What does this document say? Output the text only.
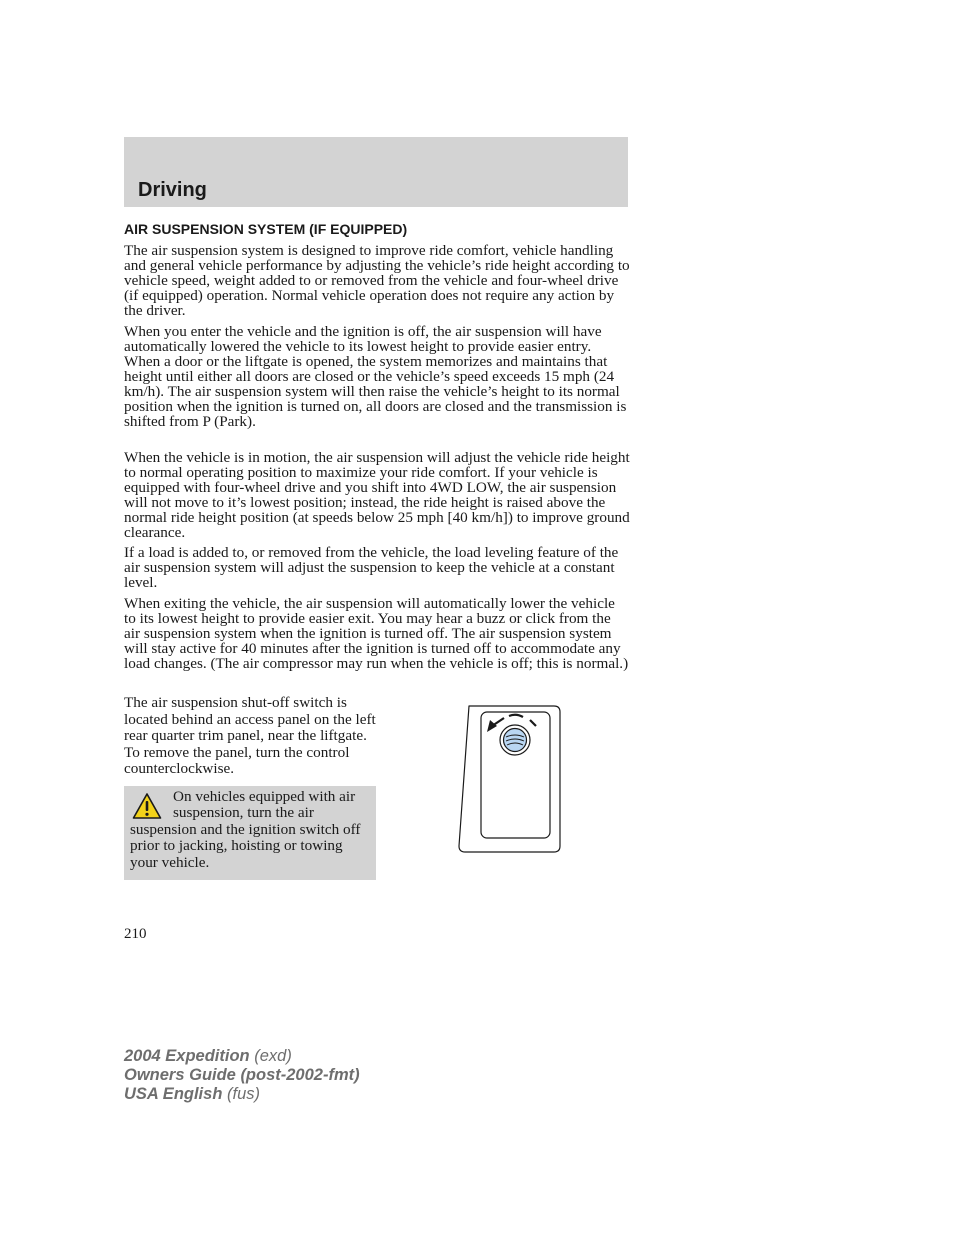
Driving
AIR SUSPENSION SYSTEM (IF EQUIPPED)

The air suspension system is designed to improve ride comfort, vehicle handling and general vehicle performance by adjusting the vehicle’s ride height according to vehicle speed, weight added to or removed from the vehicle and four-wheel drive (if equipped) operation. Normal vehicle operation does not require any action by the driver.

When you enter the vehicle and the ignition is off, the air suspension will have automatically lowered the vehicle to its lowest height to provide easier entry. When a door or the liftgate is opened, the system memorizes and maintains that height until either all doors are closed or the vehicle’s speed exceeds 15 mph (24 km/h). The air suspension system will then raise the vehicle’s height to its normal position when the ignition is turned on, all doors are closed and the transmission is shifted from P (Park).

When the vehicle is in motion, the air suspension will adjust the vehicle ride height to normal operating position to maximize your ride comfort. If your vehicle is equipped with four-wheel drive and you shift into 4WD LOW, the air suspension will not move to it’s lowest position; instead, the ride height is raised above the normal ride height position (at speeds below 25 mph [40 km/h]) to improve ground clearance.

If a load is added to, or removed from the vehicle, the load leveling feature of the air suspension system will adjust the suspension to keep the vehicle at a constant level.

When exiting the vehicle, the air suspension will automatically lower the vehicle to its lowest height to provide easier exit. You may hear a buzz or click from the air suspension system when the ignition is turned off. The air suspension system will stay active for 40 minutes after the ignition is turned off to accommodate any load changes. (The air compressor may run when the vehicle is off; this is normal.)

The air suspension shut-off switch is located behind an access panel on the left rear quarter trim panel, near the liftgate. To remove the panel, turn the control counterclockwise.

On vehicles equipped with air suspension, turn the air suspension and the ignition switch off prior to jacking, hoisting or towing your vehicle.

210

2004 Expedition (exd)
Owners Guide (post-2002-fmt)
USA English (fus)
